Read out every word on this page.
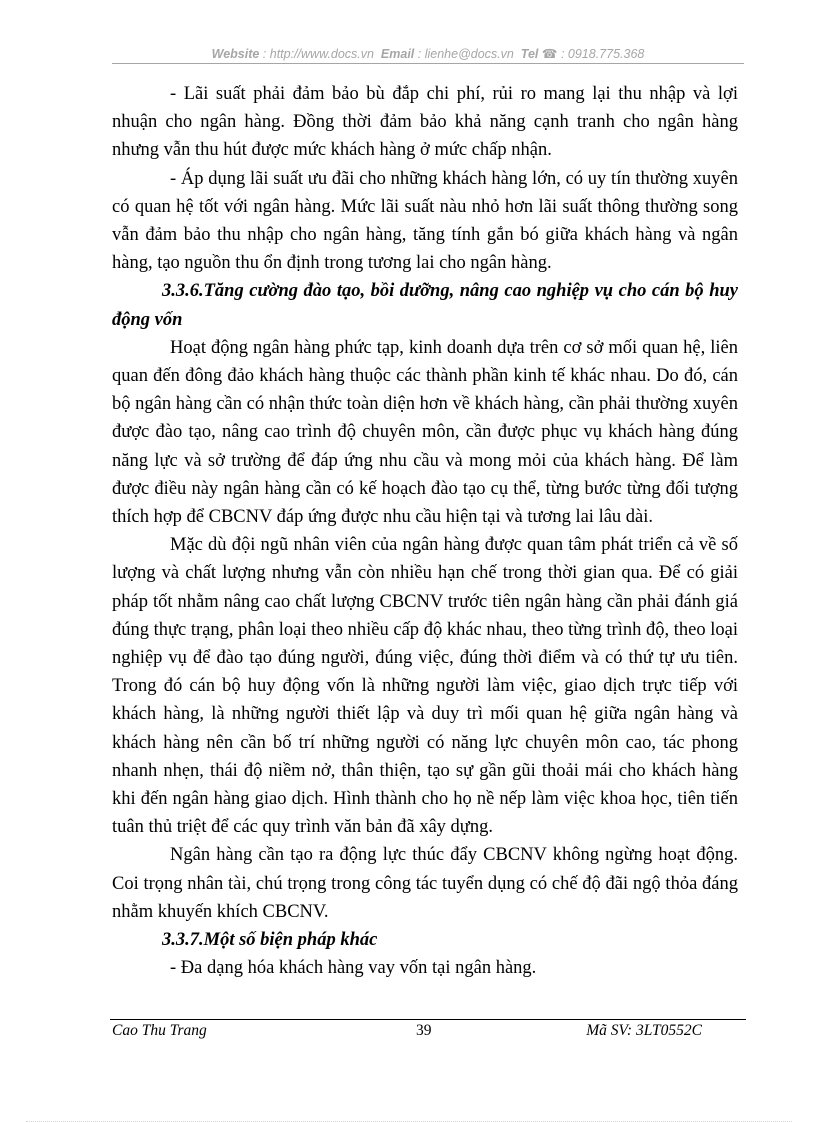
Website : http://www.docs.vn Email : lienhe@docs.vn Tel ☎ : 0918.775.368

- Lãi suất phải đảm bảo bù đắp chi phí, rủi ro mang lại thu nhập và lợi nhuận cho ngân hàng. Đồng thời đảm bảo khả năng cạnh tranh cho ngân hàng nhưng vẫn thu hút được mức khách hàng ở mức chấp nhận.

- Áp dụng lãi suất ưu đãi cho những khách hàng lớn, có uy tín thường xuyên có quan hệ tốt với ngân hàng. Mức lãi suất nàu nhỏ hơn lãi suất thông thường song vẫn đảm bảo thu nhập cho ngân hàng, tăng tính gắn bó giữa khách hàng và ngân hàng, tạo nguồn thu ổn định trong tương lai cho ngân hàng.

3.3.6.Tăng cường đào tạo, bồi dưỡng, nâng cao nghiệp vụ cho cán bộ huy động vốn

Hoạt động ngân hàng phức tạp, kinh doanh dựa trên cơ sở mối quan hệ, liên quan đến đông đảo khách hàng thuộc các thành phần kinh tế khác nhau. Do đó, cán bộ ngân hàng cần có nhận thức toàn diện hơn về khách hàng, cần phải thường xuyên được đào tạo, nâng cao trình độ chuyên môn, cần được phục vụ khách hàng đúng năng lực và sở trường để đáp ứng nhu cầu và mong mỏi của khách hàng. Để làm được điều này ngân hàng cần có kế hoạch đào tạo cụ thể, từng bước từng đối tượng thích hợp để CBCNV đáp ứng được nhu cầu hiện tại và tương lai lâu dài.

Mặc dù đội ngũ nhân viên của ngân hàng được quan tâm phát triển cả về số lượng và chất lượng nhưng vẫn còn nhiều hạn chế trong thời gian qua. Để có giải pháp tốt nhằm nâng cao chất lượng CBCNV trước tiên ngân hàng cần phải đánh giá đúng thực trạng, phân loại theo nhiều cấp độ khác nhau, theo từng trình độ, theo loại nghiệp vụ để đào tạo đúng người, đúng việc, đúng thời điểm và có thứ tự ưu tiên. Trong đó cán bộ huy động vốn là những người làm việc, giao dịch trực tiếp với khách hàng, là những người thiết lập và duy trì mối quan hệ giữa ngân hàng và khách hàng nên cần bố trí những người có năng lực chuyên môn cao, tác phong nhanh nhẹn, thái độ niềm nở, thân thiện, tạo sự gần gũi thoải mái cho khách hàng khi đến ngân hàng giao dịch. Hình thành cho họ nề nếp làm việc khoa học, tiên tiến tuân thủ triệt để các quy trình văn bản đã xây dựng.

Ngân hàng cần tạo ra động lực thúc đẩy CBCNV không ngừng hoạt động. Coi trọng nhân tài, chú trọng trong công tác tuyển dụng có chế độ đãi ngộ thỏa đáng nhằm khuyến khích CBCNV.

3.3.7.Một số biện pháp khác

- Đa dạng hóa khách hàng vay vốn tại ngân hàng.

Cao Thu Trang	39	Mã SV: 3LT0552C
